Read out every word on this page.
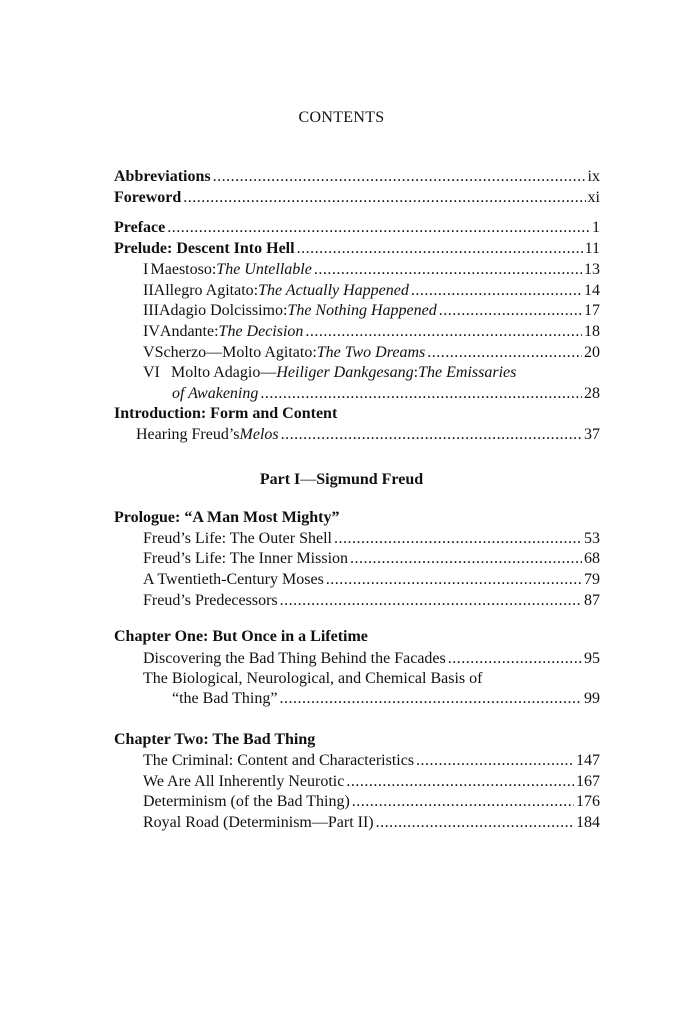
CONTENTS
Abbreviations .....	ix
Foreword .....	xi
Preface .....	1
Prelude: Descent Into Hell .....	11
I Maestoso: The Untellable .....	13
II Allegro Agitato: The Actually Happened .....	14
III Adagio Dolcissimo: The Nothing Happened .....	17
IV Andante: The Decision .....	18
V Scherzo—Molto Agitato: The Two Dreams .....	20
VI Molto Adagio— Heiliger Dankgesang : The Emissaries
of Awakening .....	28
Introduction: Form and Content
Hearing Freud’s Melos .....	37
Prologue: “A Man Most Mighty”
Freud’s Life: The Outer Shell .....	53
Freud’s Life: The Inner Mission .....	68
A Twentieth-Century Moses .....	79
Freud’s Predecessors .....	87
Chapter One: But Once in a Lifetime
Discovering the Bad Thing Behind the Facades .....	95
The Biological, Neurological, and Chemical Basis of
“the Bad Thing” .....	99
Chapter Two: The Bad Thing
The Criminal: Content and Characteristics .....	147
We Are All Inherently Neurotic .....	167
Determinism (of the Bad Thing) .....	176
Royal Road (Determinism—Part II) .....	184
Part I—Sigmund Freud
